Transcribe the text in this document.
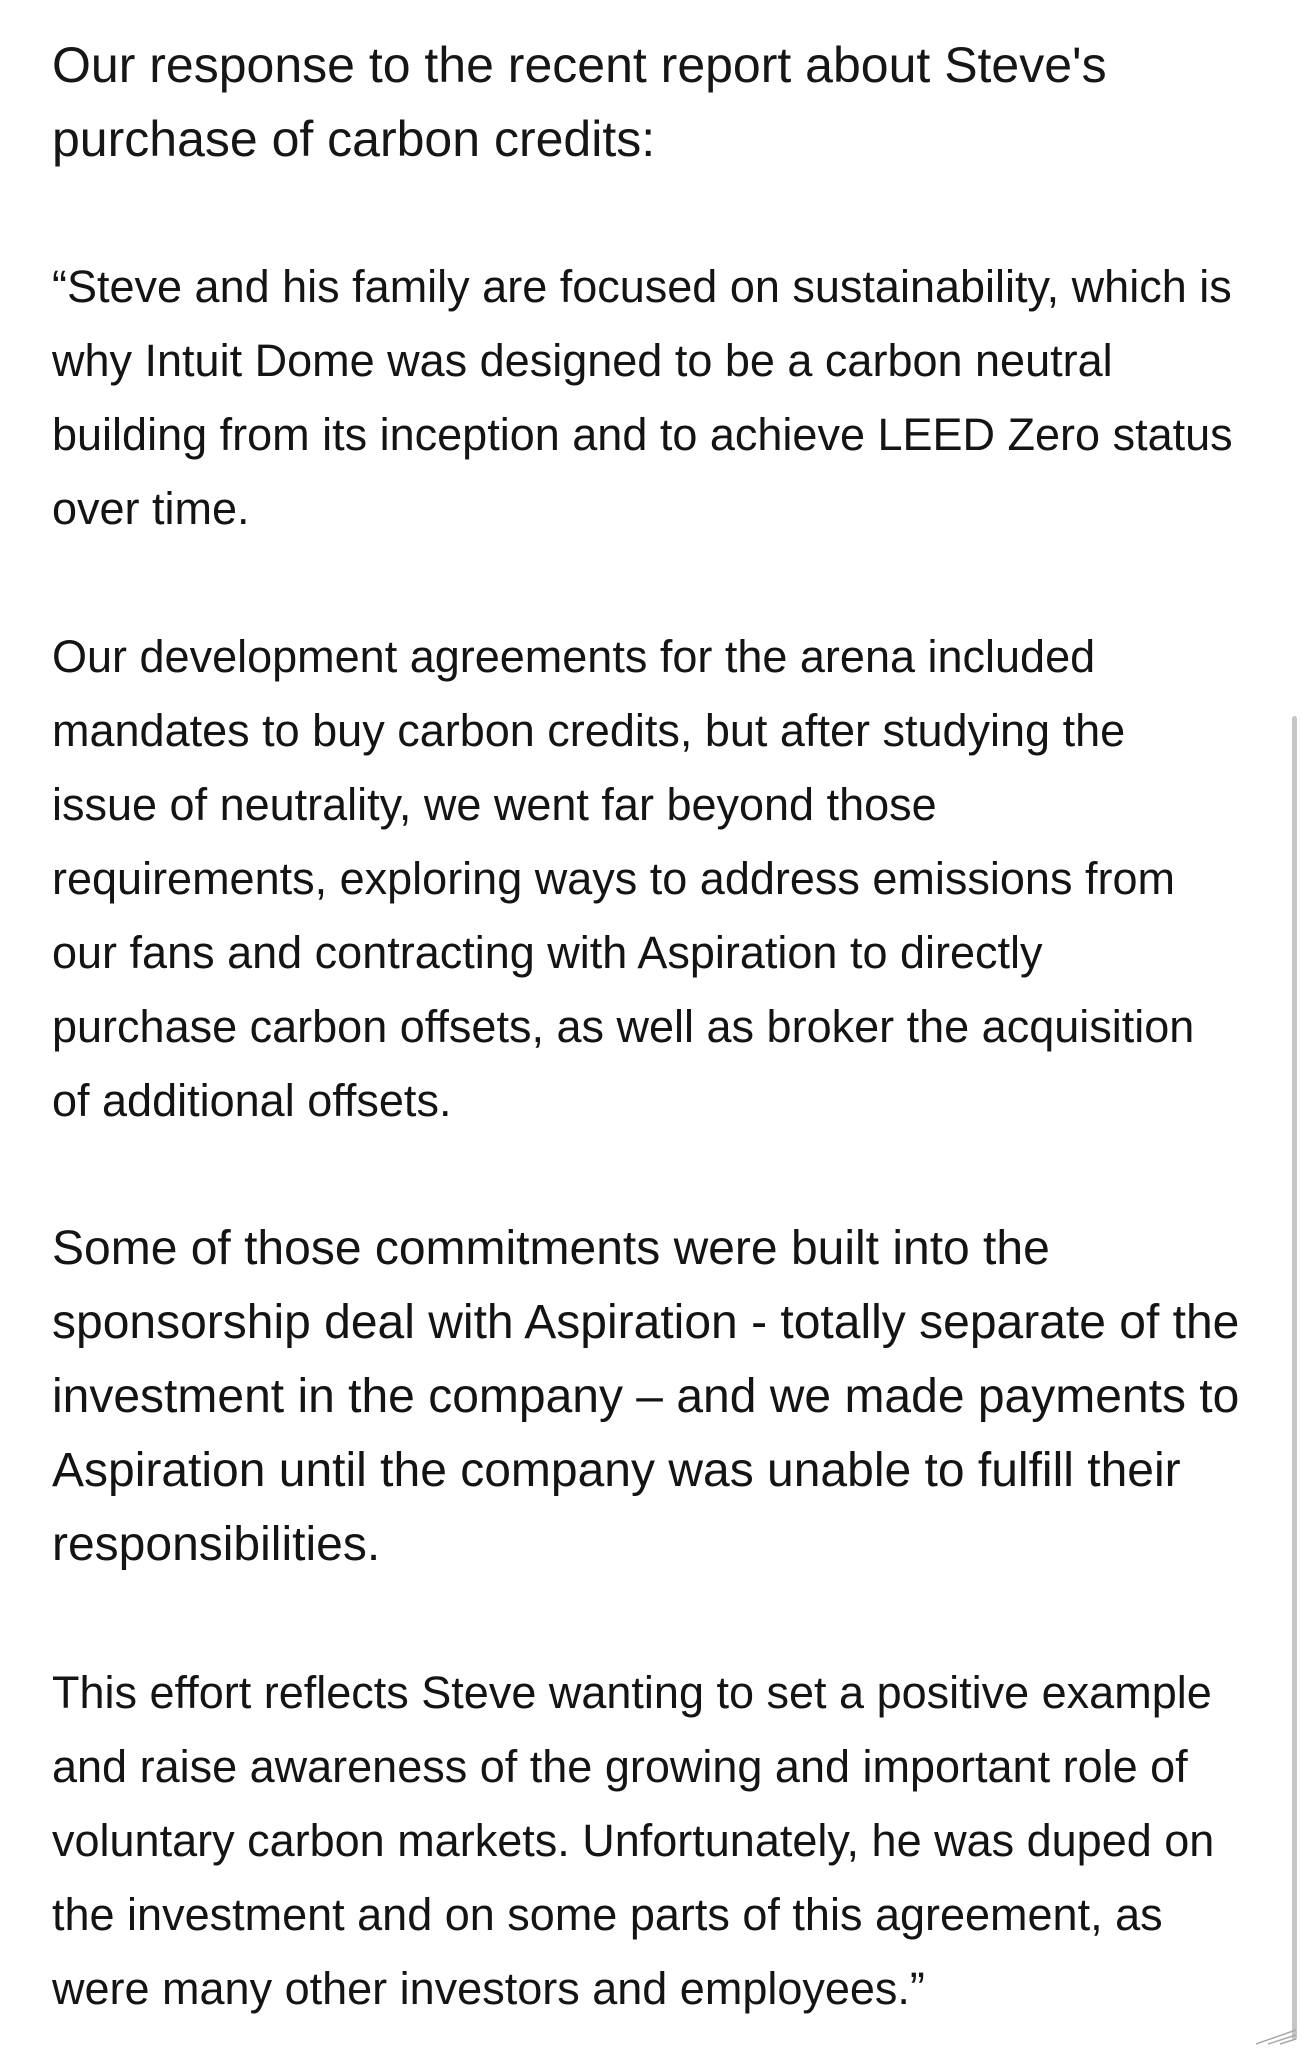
Our response to the recent report about Steve's
purchase of carbon credits:
“Steve and his family are focused on sustainability, which is
why Intuit Dome was designed to be a carbon neutral
building from its inception and to achieve LEED Zero status
over time.
Our development agreements for the arena included
mandates to buy carbon credits, but after studying the
issue of neutrality, we went far beyond those
requirements, exploring ways to address emissions from
our fans and contracting with Aspiration to directly
purchase carbon offsets, as well as broker the acquisition
of additional offsets.
Some of those commitments were built into the
sponsorship deal with Aspiration - totally separate of the
investment in the company – and we made payments to
Aspiration until the company was unable to fulfill their
responsibilities.
This effort reflects Steve wanting to set a positive example
and raise awareness of the growing and important role of
voluntary carbon markets. Unfortunately, he was duped on
the investment and on some parts of this agreement, as
were many other investors and employees.”
